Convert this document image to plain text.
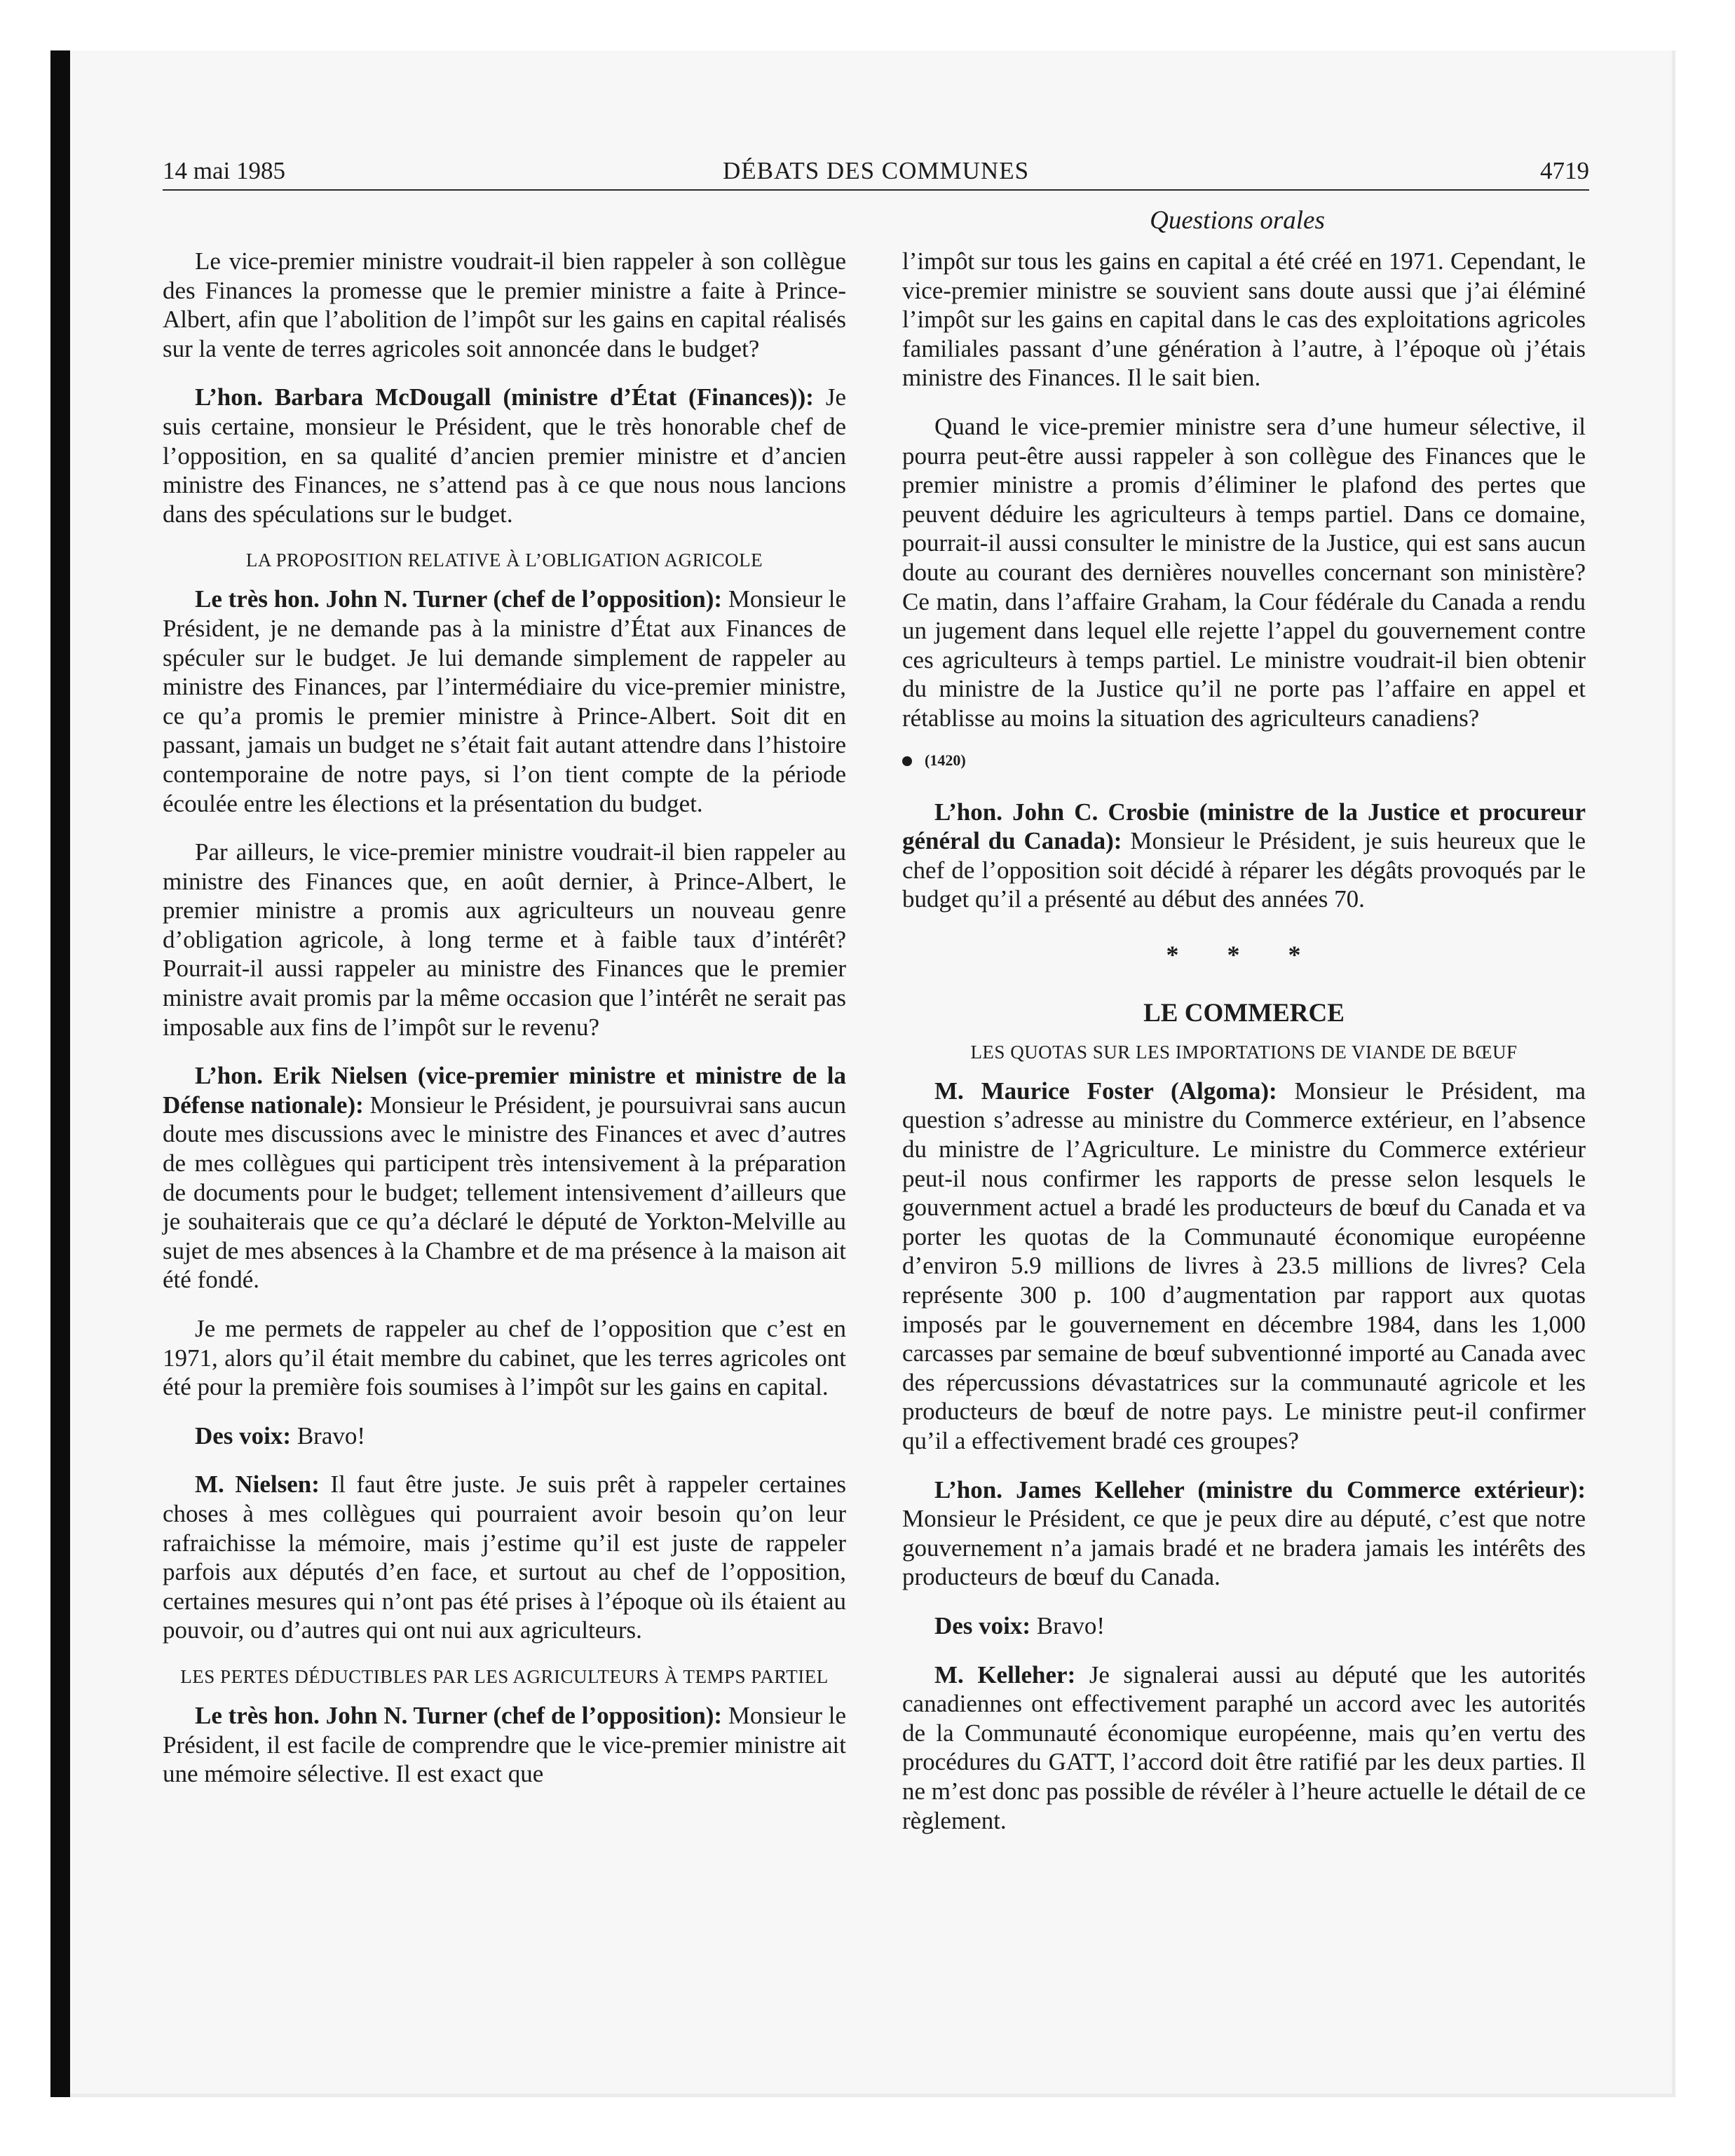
14 mai 1985	DÉBATS DES COMMUNES	4719
Questions orales

Le vice-premier ministre voudrait-il bien rappeler à son collègue des Finances la promesse que le premier ministre a faite à Prince-Albert, afin que l’abolition de l’impôt sur les gains en capital réalisés sur la vente de terres agricoles soit annoncée dans le budget?

L’hon. Barbara McDougall (ministre d’État (Finances)): Je suis certaine, monsieur le Président, que le très honorable chef de l’opposition, en sa qualité d’ancien premier ministre et d’ancien ministre des Finances, ne s’attend pas à ce que nous nous lancions dans des spéculations sur le budget.

LA PROPOSITION RELATIVE À L’OBLIGATION AGRICOLE

Le très hon. John N. Turner (chef de l’opposition): Monsieur le Président, je ne demande pas à la ministre d’État aux Finances de spéculer sur le budget. Je lui demande simplement de rappeler au ministre des Finances, par l’intermédiaire du vice-premier ministre, ce qu’a promis le premier ministre à Prince-Albert. Soit dit en passant, jamais un budget ne s’était fait autant attendre dans l’histoire contemporaine de notre pays, si l’on tient compte de la période écoulée entre les élections et la présentation du budget.

Par ailleurs, le vice-premier ministre voudrait-il bien rappeler au ministre des Finances que, en août dernier, à Prince-Albert, le premier ministre a promis aux agriculteurs un nouveau genre d’obligation agricole, à long terme et à faible taux d’intérêt? Pourrait-il aussi rappeler au ministre des Finances que le premier ministre avait promis par la même occasion que l’intérêt ne serait pas imposable aux fins de l’impôt sur le revenu?

L’hon. Erik Nielsen (vice-premier ministre et ministre de la Défense nationale): Monsieur le Président, je poursuivrai sans aucun doute mes discussions avec le ministre des Finances et avec d’autres de mes collègues qui participent très intensivement à la préparation de documents pour le budget; tellement intensivement d’ailleurs que je souhaiterais que ce qu’a déclaré le député de Yorkton-Melville au sujet de mes absences à la Chambre et de ma présence à la maison ait été fondé.

Je me permets de rappeler au chef de l’opposition que c’est en 1971, alors qu’il était membre du cabinet, que les terres agricoles ont été pour la première fois soumises à l’impôt sur les gains en capital.

Des voix: Bravo!

M. Nielsen: Il faut être juste. Je suis prêt à rappeler certaines choses à mes collègues qui pourraient avoir besoin qu’on leur rafraichisse la mémoire, mais j’estime qu’il est juste de rappeler parfois aux députés d’en face, et surtout au chef de l’opposition, certaines mesures qui n’ont pas été prises à l’époque où ils étaient au pouvoir, ou d’autres qui ont nui aux agriculteurs.

LES PERTES DÉDUCTIBLES PAR LES AGRICULTEURS À TEMPS PARTIEL

Le très hon. John N. Turner (chef de l’opposition): Monsieur le Président, il est facile de comprendre que le vice-premier ministre ait une mémoire sélective. Il est exact que

l’impôt sur tous les gains en capital a été créé en 1971. Cependant, le vice-premier ministre se souvient sans doute aussi que j’ai éléminé l’impôt sur les gains en capital dans le cas des exploitations agricoles familiales passant d’une génération à l’autre, à l’époque où j’étais ministre des Finances. Il le sait bien.

Quand le vice-premier ministre sera d’une humeur sélective, il pourra peut-être aussi rappeler à son collègue des Finances que le premier ministre a promis d’éliminer le plafond des pertes que peuvent déduire les agriculteurs à temps partiel. Dans ce domaine, pourrait-il aussi consulter le ministre de la Justice, qui est sans aucun doute au courant des dernières nouvelles concernant son ministère? Ce matin, dans l’affaire Graham, la Cour fédérale du Canada a rendu un jugement dans lequel elle rejette l’appel du gouvernement contre ces agriculteurs à temps partiel. Le ministre voudrait-il bien obtenir du ministre de la Justice qu’il ne porte pas l’affaire en appel et rétablisse au moins la situation des agriculteurs canadiens?

(1420)

L’hon. John C. Crosbie (ministre de la Justice et procureur général du Canada): Monsieur le Président, je suis heureux que le chef de l’opposition soit décidé à réparer les dégâts provoqués par le budget qu’il a présenté au début des années 70.

* * *
LE COMMERCE
LES QUOTAS SUR LES IMPORTATIONS DE VIANDE DE BŒUF

M. Maurice Foster (Algoma): Monsieur le Président, ma question s’adresse au ministre du Commerce extérieur, en l’absence du ministre de l’Agriculture. Le ministre du Commerce extérieur peut-il nous confirmer les rapports de presse selon lesquels le gouvernment actuel a bradé les producteurs de bœuf du Canada et va porter les quotas de la Communauté économique européenne d’environ 5.9 millions de livres à 23.5 millions de livres? Cela représente 300 p. 100 d’augmentation par rapport aux quotas imposés par le gouvernement en décembre 1984, dans les 1,000 carcasses par semaine de bœuf subventionné importé au Canada avec des répercussions dévastatrices sur la communauté agricole et les producteurs de bœuf de notre pays. Le ministre peut-il confirmer qu’il a effectivement bradé ces groupes?

L’hon. James Kelleher (ministre du Commerce extérieur): Monsieur le Président, ce que je peux dire au député, c’est que notre gouvernement n’a jamais bradé et ne bradera jamais les intérêts des producteurs de bœuf du Canada.

Des voix: Bravo!

M. Kelleher: Je signalerai aussi au député que les autorités canadiennes ont effectivement paraphé un accord avec les autorités de la Communauté économique européenne, mais qu’en vertu des procédures du GATT, l’accord doit être ratifié par les deux parties. Il ne m’est donc pas possible de révéler à l’heure actuelle le détail de ce règlement.
